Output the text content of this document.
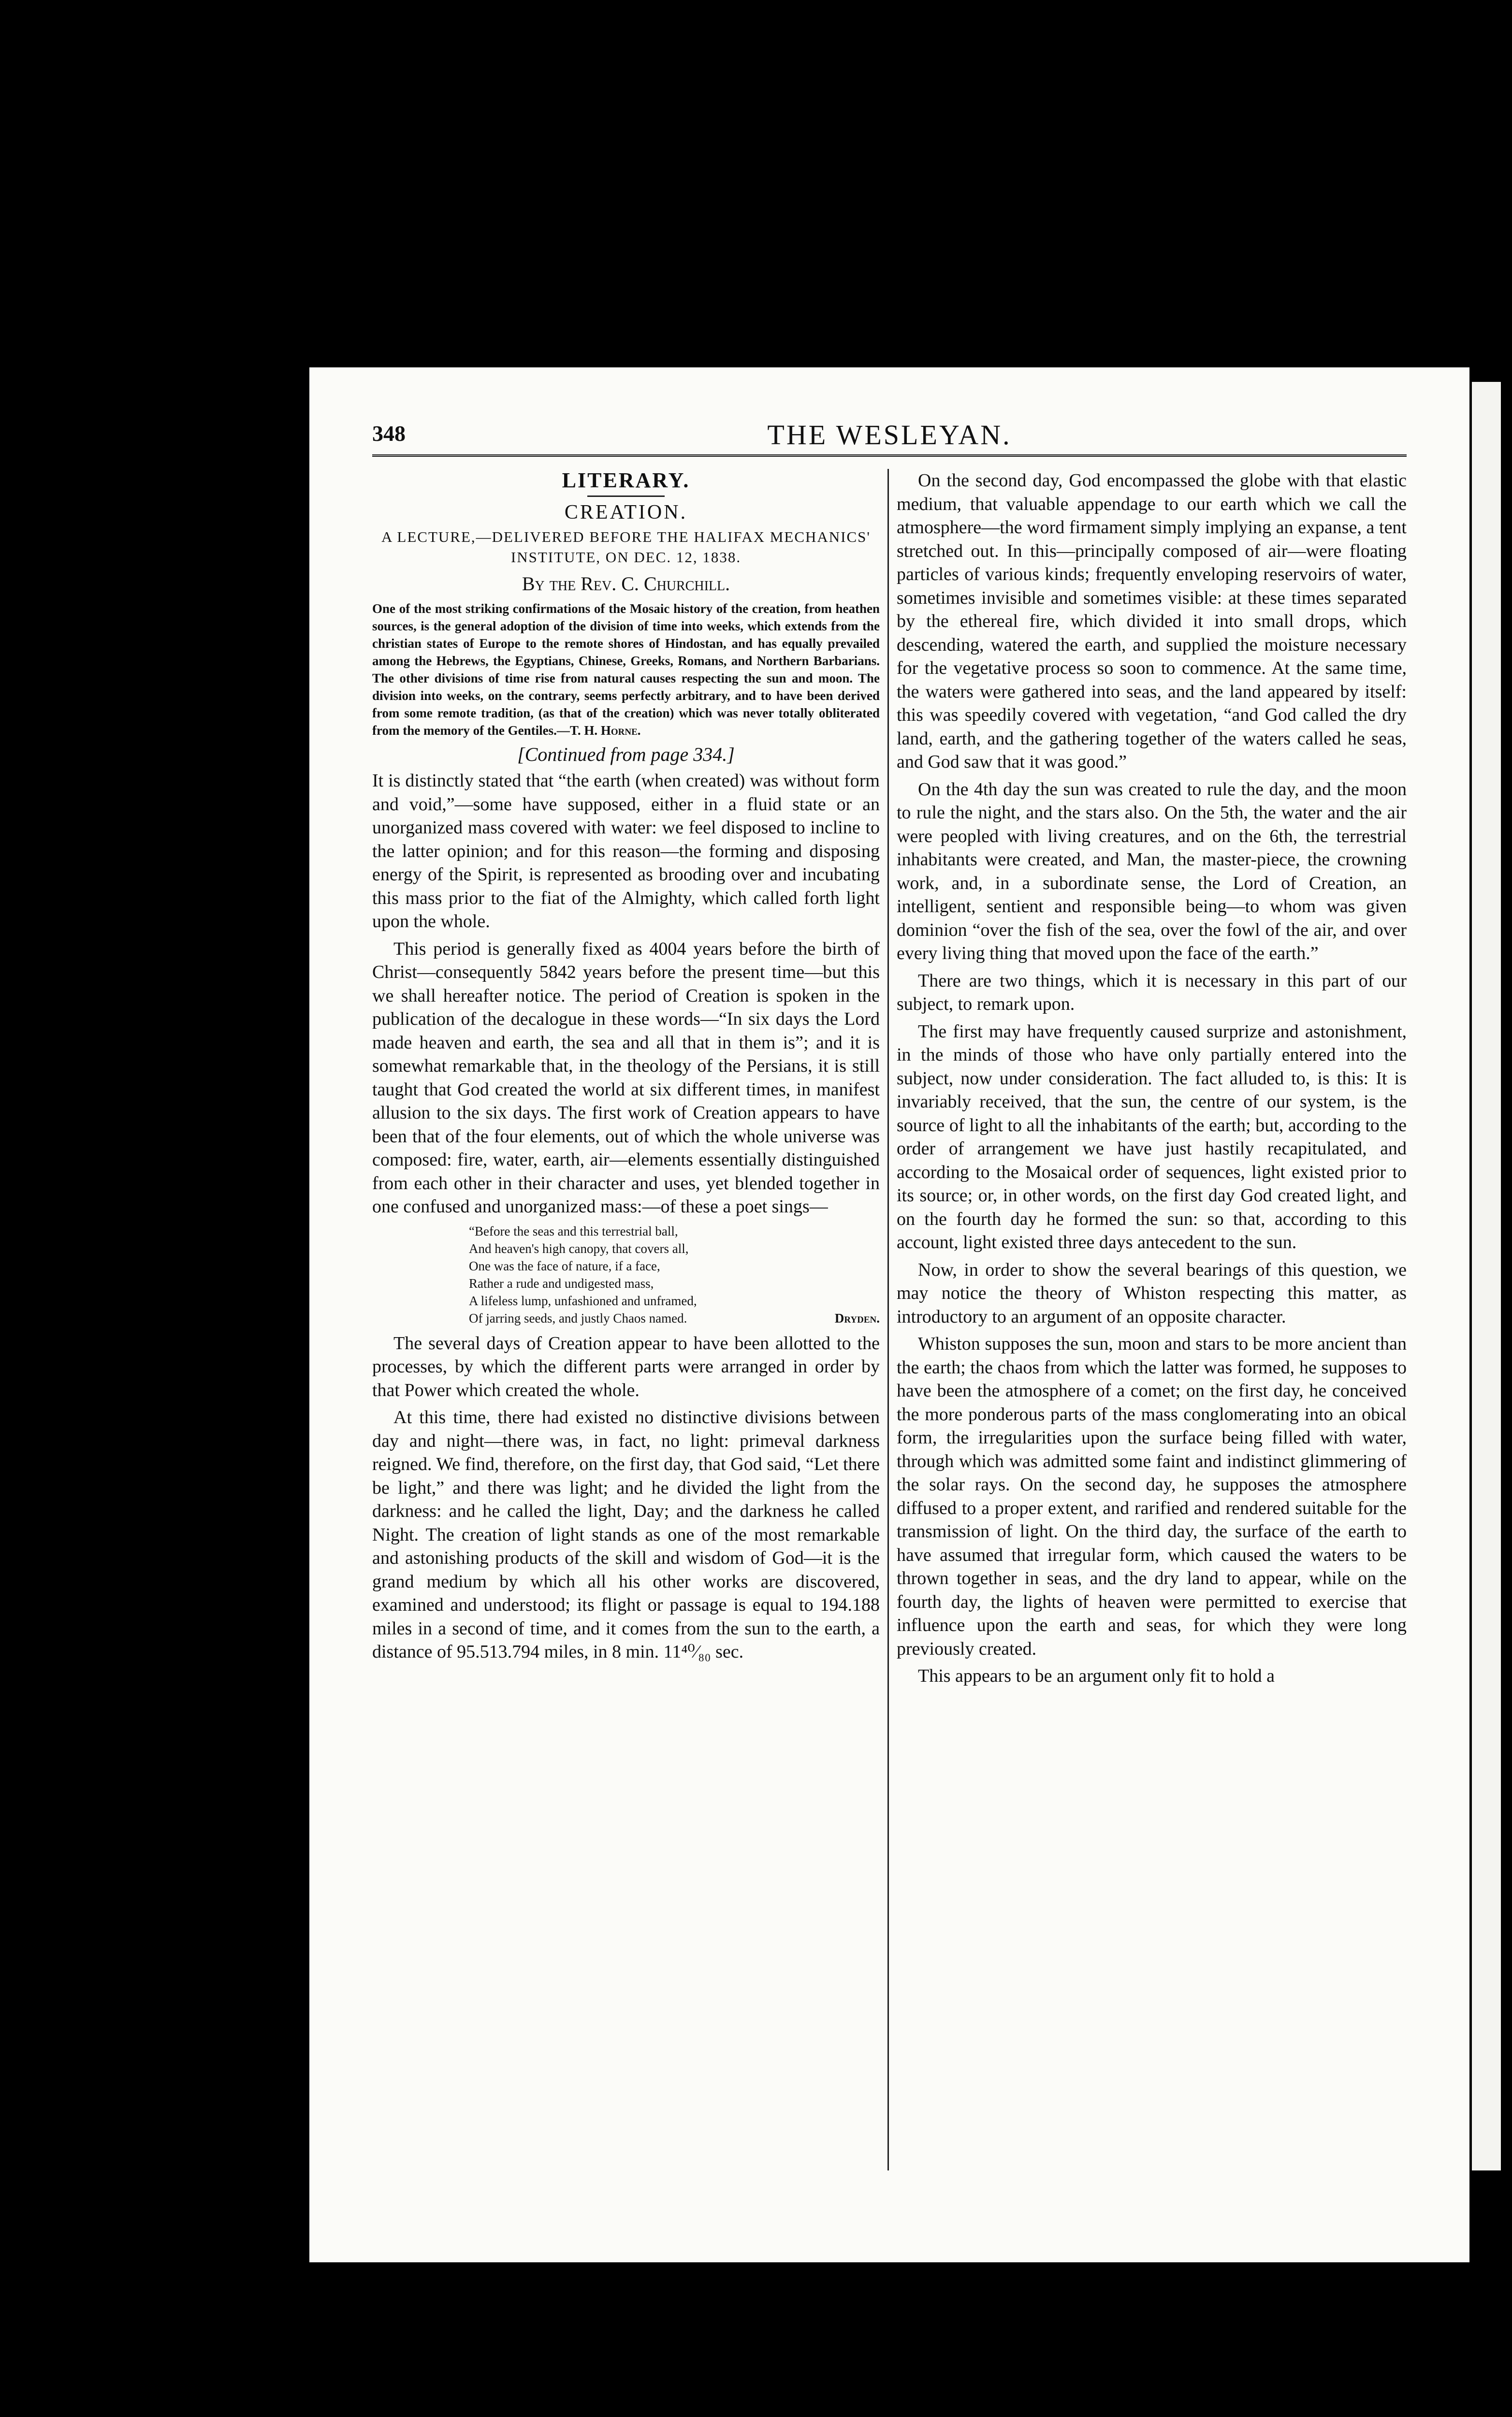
348	THE WESLEYAN.
LITERARY.
CREATION.
A LECTURE,—DELIVERED BEFORE THE HALIFAX MECHANICS' INSTITUTE, ON DEC. 12, 1838.
By the Rev. C. Churchill.
One of the most striking confirmations of the Mosaic history of the creation, from heathen sources, is the general adoption of the division of time into weeks, which extends from the christian states of Europe to the remote shores of Hindostan, and has equally prevailed among the Hebrews, the Egyptians, Chinese, Greeks, Romans, and Northern Barbarians. The other divisions of time rise from natural causes respecting the sun and moon. The division into weeks, on the contrary, seems perfectly arbitrary, and to have been derived from some remote tradition, (as that of the creation) which was never totally obliterated from the memory of the Gentiles.—T. H. Horne.
[Continued from page 334.]

It is distinctly stated that “the earth (when created) was without form and void,”—some have supposed, either in a fluid state or an unorganized mass covered with water: we feel disposed to incline to the latter opinion; and for this reason—the forming and disposing energy of the Spirit, is represented as brooding over and incubating this mass prior to the fiat of the Almighty, which called forth light upon the whole.

This period is generally fixed as 4004 years before the birth of Christ—consequently 5842 years before the present time—but this we shall hereafter notice. The period of Creation is spoken in the publication of the decalogue in these words—“In six days the Lord made heaven and earth, the sea and all that in them is”; and it is somewhat remarkable that, in the theology of the Persians, it is still taught that God created the world at six different times, in manifest allusion to the six days. The first work of Creation appears to have been that of the four elements, out of which the whole universe was composed: fire, water, earth, air—elements essentially distinguished from each other in their character and uses, yet blended together in one confused and unorganized mass:—of these a poet sings—

“Before the seas and this terrestrial ball,
And heaven's high canopy, that covers all,
One was the face of nature, if a face,
Rather a rude and undigested mass,
A lifeless lump, unfashioned and unframed,
Of jarring seeds, and justly Chaos named.	Dryden.

The several days of Creation appear to have been allotted to the processes, by which the different parts were arranged in order by that Power which created the whole.

At this time, there had existed no distinctive divisions between day and night—there was, in fact, no light: primeval darkness reigned. We find, therefore, on the first day, that God said, “Let there be light,” and there was light; and he divided the light from the darkness: and he called the light, Day; and the darkness he called Night. The creation of light stands as one of the most remarkable and astonishing products of the skill and wisdom of God—it is the grand medium by which all his other works are discovered, examined and understood; its flight or passage is equal to 194.188 miles in a second of time, and it comes from the sun to the earth, a distance of 95.513.794 miles, in 8 min. 11⁴⁰⁄₈₀ sec.

On the second day, God encompassed the globe with that elastic medium, that valuable appendage to our earth which we call the atmosphere—the word firmament simply implying an expanse, a tent stretched out. In this—principally composed of air—were floating particles of various kinds; frequently enveloping reservoirs of water, sometimes invisible and sometimes visible: at these times separated by the ethereal fire, which divided it into small drops, which descending, watered the earth, and supplied the moisture necessary for the vegetative process so soon to commence. At the same time, the waters were gathered into seas, and the land appeared by itself: this was speedily covered with vegetation, “and God called the dry land, earth, and the gathering together of the waters called he seas, and God saw that it was good.”

On the 4th day the sun was created to rule the day, and the moon to rule the night, and the stars also. On the 5th, the water and the air were peopled with living creatures, and on the 6th, the terrestrial inhabitants were created, and Man, the master-piece, the crowning work, and, in a subordinate sense, the Lord of Creation, an intelligent, sentient and responsible being—to whom was given dominion “over the fish of the sea, over the fowl of the air, and over every living thing that moved upon the face of the earth.”

There are two things, which it is necessary in this part of our subject, to remark upon.

The first may have frequently caused surprize and astonishment, in the minds of those who have only partially entered into the subject, now under consideration. The fact alluded to, is this: It is invariably received, that the sun, the centre of our system, is the source of light to all the inhabitants of the earth; but, according to the order of arrangement we have just hastily recapitulated, and according to the Mosaical order of sequences, light existed prior to its source; or, in other words, on the first day God created light, and on the fourth day he formed the sun: so that, according to this account, light existed three days antecedent to the sun.

Now, in order to show the several bearings of this question, we may notice the theory of Whiston respecting this matter, as introductory to an argument of an opposite character.

Whiston supposes the sun, moon and stars to be more ancient than the earth; the chaos from which the latter was formed, he supposes to have been the atmosphere of a comet; on the first day, he conceived the more ponderous parts of the mass conglomerating into an obical form, the irregularities upon the surface being filled with water, through which was admitted some faint and indistinct glimmering of the solar rays. On the second day, he supposes the atmosphere diffused to a proper extent, and rarified and rendered suitable for the transmission of light. On the third day, the surface of the earth to have assumed that irregular form, which caused the waters to be thrown together in seas, and the dry land to appear, while on the fourth day, the lights of heaven were permitted to exercise that influence upon the earth and seas, for which they were long previously created.

This appears to be an argument only fit to hold a
